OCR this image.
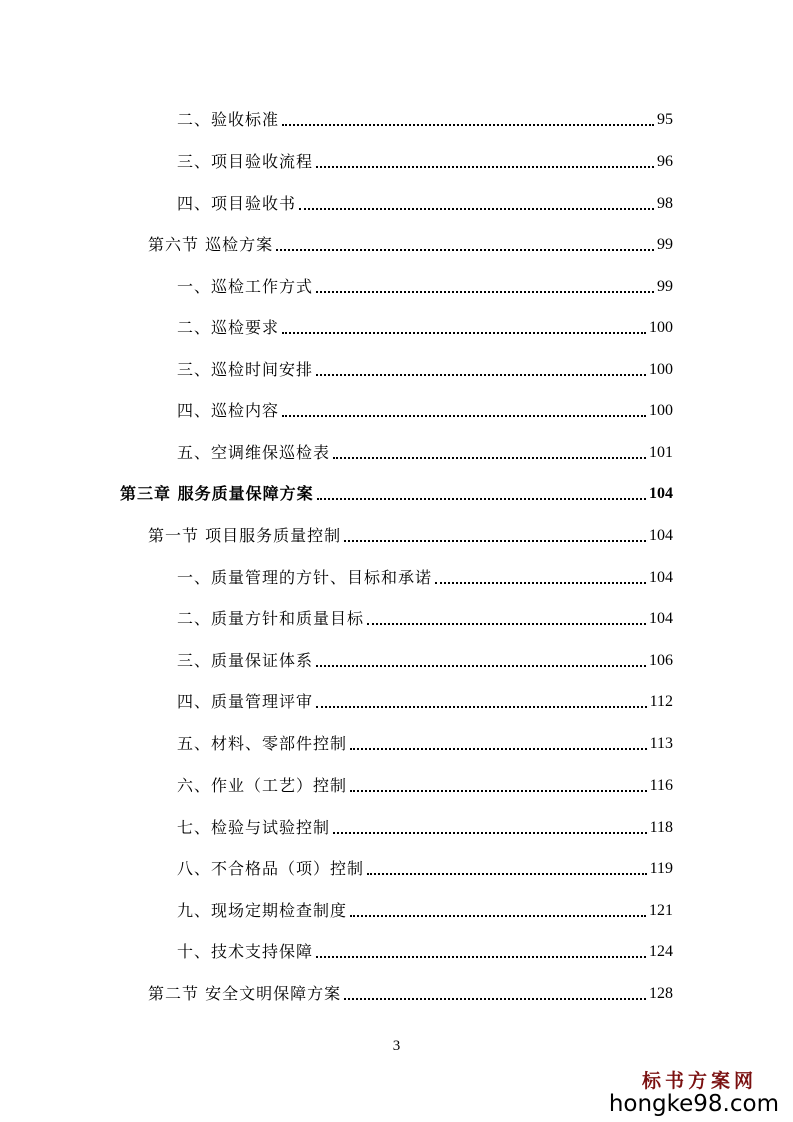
二、验收标准	95
三、项目验收流程	96
四、项目验收书	98
第六节 巡检方案	99
一、巡检工作方式	99
二、巡检要求	100
三、巡检时间安排	100
四、巡检内容	100
五、空调维保巡检表	101
第三章 服务质量保障方案	104
第一节 项目服务质量控制	104
一、质量管理的方针、目标和承诺	104
二、质量方针和质量目标	104
三、质量保证体系	106
四、质量管理评审	112
五、材料、零部件控制	113
六、作业（工艺）控制	116
七、检验与试验控制	118
八、不合格品（项）控制	119
九、现场定期检查制度	121
十、技术支持保障	124
第二节 安全文明保障方案	128
3
标书方案网
hongke98.com
